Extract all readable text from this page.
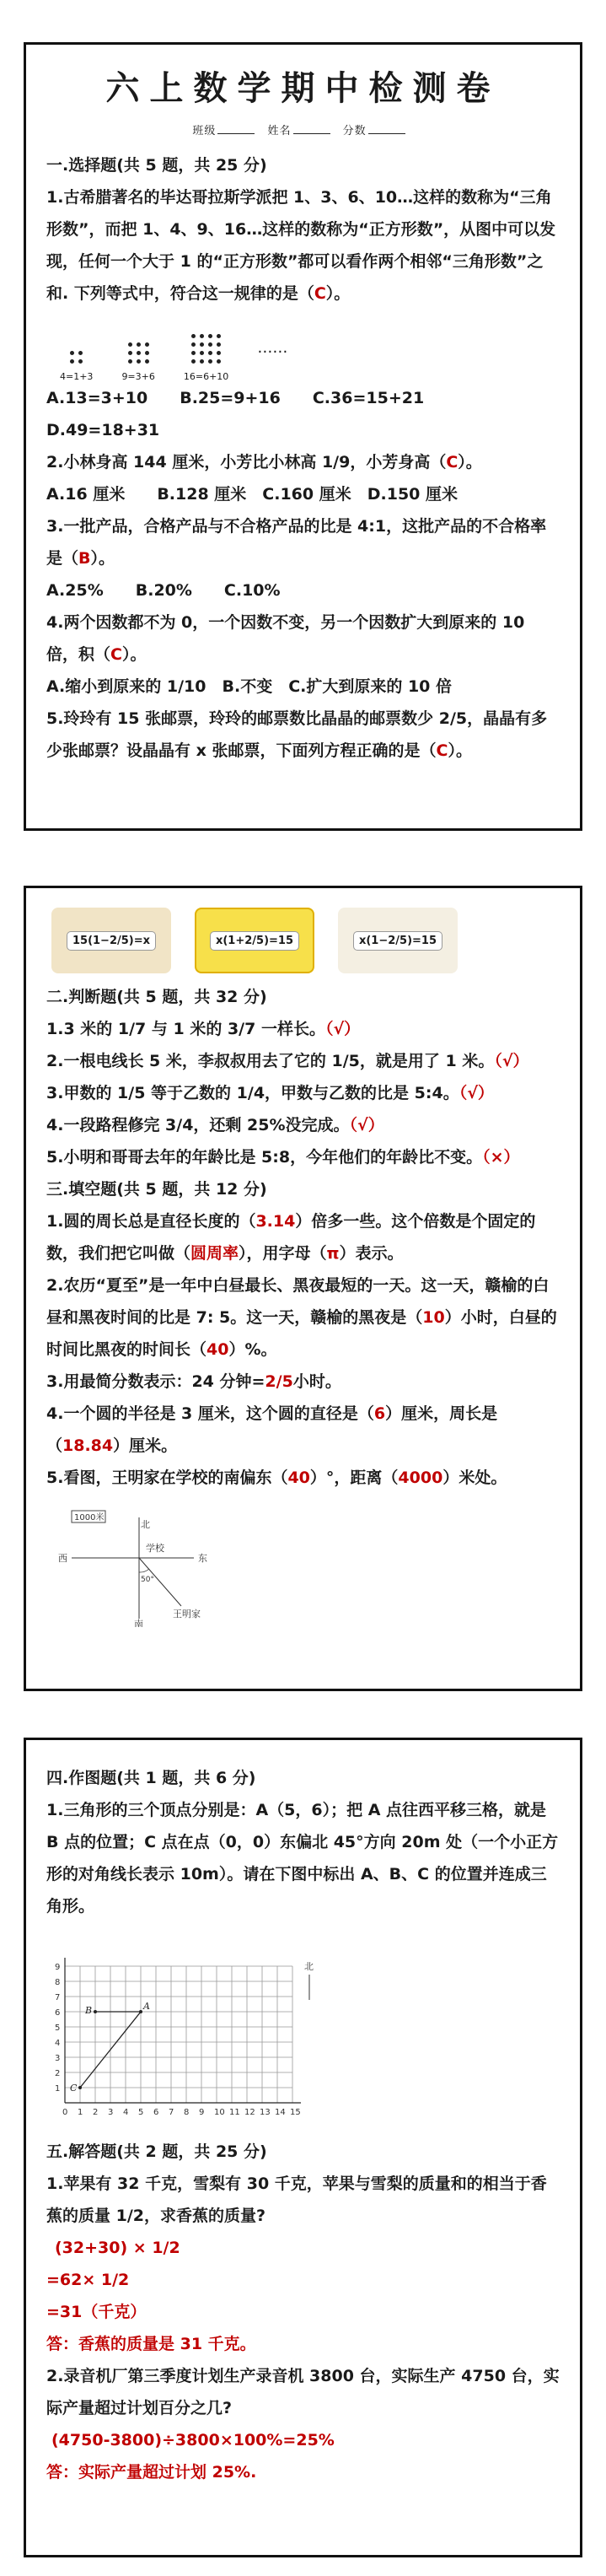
六上数学期中检测卷
班级	姓名	分数
一.选择题(共 5 题，共 25 分)
1.古希腊著名的毕达哥拉斯学派把 1、3、6、10…这样的数称为“三角形数”，而把 1、4、9、16…这样的数称为“正方形数”，从图中可以发现，任何一个大于 1 的“正方形数”都可以看作两个相邻“三角形数”之和. 下列等式中，符合这一规律的是（C）。
4=1+3	9=3+6	16=6+10
……
A.13=3+10　　B.25=9+16　　C.36=15+21　　D.49=18+31
2.小林身高 144 厘米，小芳比小林高 1/9，小芳身高（C）。
A.16 厘米　　B.128 厘米　C.160 厘米　D.150 厘米
3.一批产品，合格产品与不合格产品的比是 4:1，这批产品的不合格率是（B）。
A.25%　　B.20%　　C.10%
4.两个因数都不为 0，一个因数不变，另一个因数扩大到原来的 10 倍，积（C）。
A.缩小到原来的 1/10　B.不变　C.扩大到原来的 10 倍
5.玲玲有 15 张邮票，玲玲的邮票数比晶晶的邮票数少 2/5，晶晶有多少张邮票？设晶晶有 x 张邮票，下面列方程正确的是（C）。
15(1−2/5)=x	x(1+2/5)=15	x(1−2/5)=15
二.判断题(共 5 题，共 32 分)
1.3 米的 1/7 与 1 米的 3/7 一样长。（√）
2.一根电线长 5 米，李叔叔用去了它的 1/5，就是用了 1 米。（√）
3.甲数的 1/5 等于乙数的 1/4，甲数与乙数的比是 5:4。（√）
4.一段路程修完 3/4，还剩 25%没完成。（√）
5.小明和哥哥去年的年龄比是 5:8，今年他们的年龄比不变。（×）
三.填空题(共 5 题，共 12 分)
1.圆的周长总是直径长度的（3.14）倍多一些。这个倍数是个固定的数，我们把它叫做（圆周率），用字母（π）表示。
2.农历“夏至”是一年中白昼最长、黑夜最短的一天。这一天，赣榆的白昼和黑夜时间的比是 7: 5。这一天，赣榆的黑夜是（10）小时，白昼的时间比黑夜的时间长（40）%。
3.用最简分数表示：24 分钟=2/5小时。
4.一个圆的半径是 3 厘米，这个圆的直径是（6）厘米，周长是（18.84）厘米。
5.看图，王明家在学校的南偏东（40）°，距离（4000）米处。
1000米
北
学校
西	东
南
50°
王明家
四.作图题(共 1 题，共 6 分)
1.三角形的三个顶点分别是：A（5，6）；把 A 点往西平移三格，就是 B 点的位置；C 点在点（0，0）东偏北 45°方向 20m 处（一个小正方形的对角线长表示 10m）。请在下图中标出 A、B、C 的位置并连成三角形。
0 1 2 3 4 5 6 7 8 9 10 11 12 13 14 15
1
2
3
4
5
6
7
8
9	北
A
B
C
五.解答题(共 2 题，共 25 分)
1.苹果有 32 千克，雪梨有 30 千克，苹果与雪梨的质量和的相当于香蕉的质量 1/2，求香蕉的质量?
(32+30) × 1/2
=62× 1/2
=31（千克）
答：香蕉的质量是 31 千克。
2.录音机厂第三季度计划生产录音机 3800 台，实际生产 4750 台，实际产量超过计划百分之几?
(4750-3800)÷3800×100%=25%
答：实际产量超过计划 25%.
